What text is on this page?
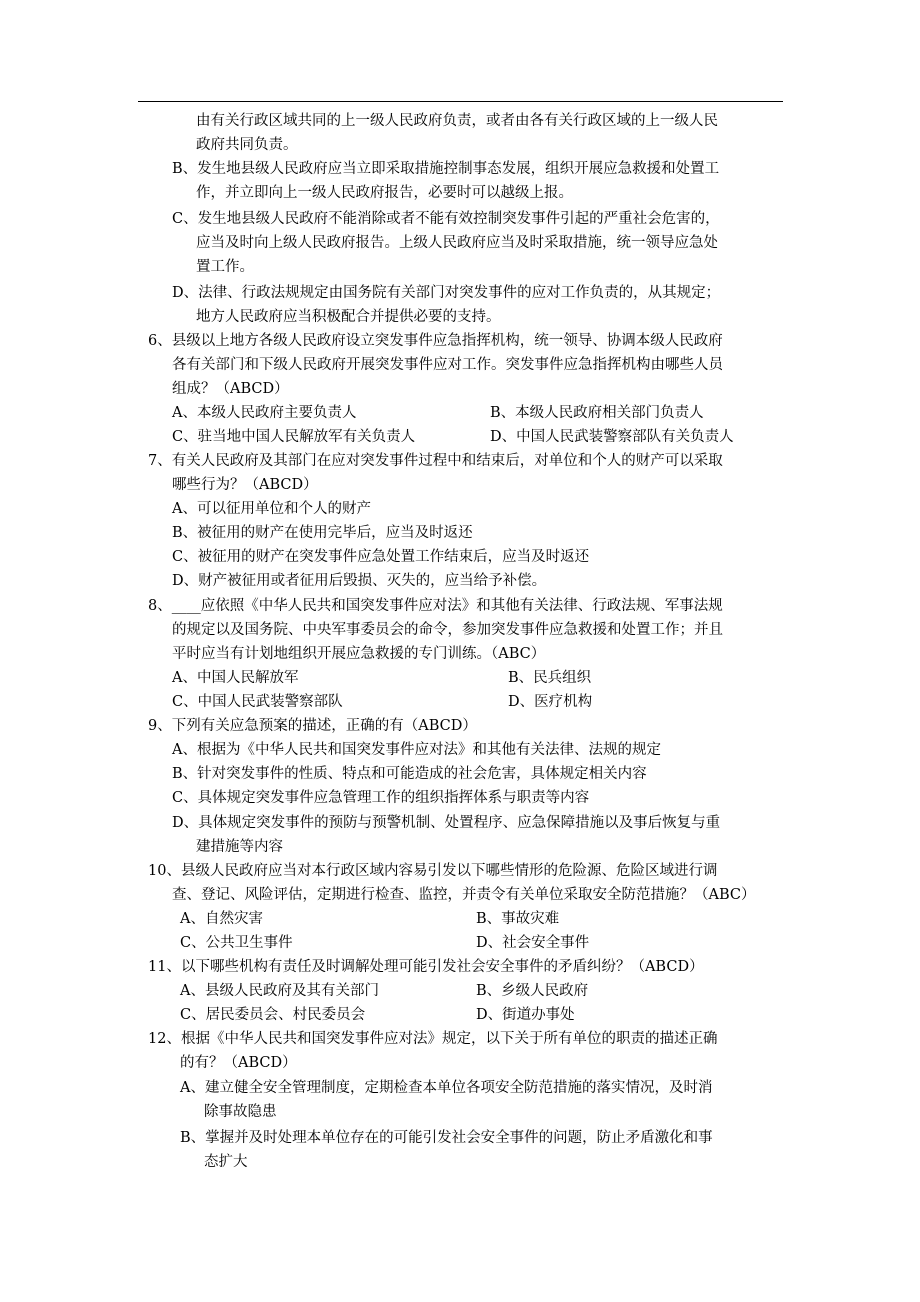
由有关行政区域共同的上一级人民政府负责，或者由各有关行政区域的上一级人民
政府共同负责。
B、发生地县级人民政府应当立即采取措施控制事态发展，组织开展应急救援和处置工
作，并立即向上一级人民政府报告，必要时可以越级上报。
C、发生地县级人民政府不能消除或者不能有效控制突发事件引起的严重社会危害的，
应当及时向上级人民政府报告。上级人民政府应当及时采取措施，统一领导应急处
置工作。
D、法律、行政法规规定由国务院有关部门对突发事件的应对工作负责的，从其规定；
地方人民政府应当积极配合并提供必要的支持。
6、县级以上地方各级人民政府设立突发事件应急指挥机构，统一领导、协调本级人民政府
各有关部门和下级人民政府开展突发事件应对工作。突发事件应急指挥机构由哪些人员
组成？（ABCD）
A、本级人民政府主要负责人	B、本级人民政府相关部门负责人
C、驻当地中国人民解放军有关负责人	D、中国人民武装警察部队有关负责人
7、有关人民政府及其部门在应对突发事件过程中和结束后，对单位和个人的财产可以采取
哪些行为？（ABCD）
A、可以征用单位和个人的财产
B、被征用的财产在使用完毕后，应当及时返还
C、被征用的财产在突发事件应急处置工作结束后，应当及时返还
D、财产被征用或者征用后毁损、灭失的，应当给予补偿。
8、____应依照《中华人民共和国突发事件应对法》和其他有关法律、行政法规、军事法规
的规定以及国务院、中央军事委员会的命令，参加突发事件应急救援和处置工作；并且
平时应当有计划地组织开展应急救援的专门训练。（ABC）
A、中国人民解放军	B、民兵组织
C、中国人民武装警察部队	D、医疗机构
9、下列有关应急预案的描述，正确的有（ABCD）
A、根据为《中华人民共和国突发事件应对法》和其他有关法律、法规的规定
B、针对突发事件的性质、特点和可能造成的社会危害，具体规定相关内容
C、具体规定突发事件应急管理工作的组织指挥体系与职责等内容
D、具体规定突发事件的预防与预警机制、处置程序、应急保障措施以及事后恢复与重
建措施等内容
10、县级人民政府应当对本行政区域内容易引发以下哪些情形的危险源、危险区域进行调
查、登记、风险评估，定期进行检查、监控，并责令有关单位采取安全防范措施？（ABC）
A、自然灾害	B、事故灾难
C、公共卫生事件	D、社会安全事件
11、以下哪些机构有责任及时调解处理可能引发社会安全事件的矛盾纠纷？（ABCD）
A、县级人民政府及其有关部门	B、乡级人民政府
C、居民委员会、村民委员会	D、街道办事处
12、根据《中华人民共和国突发事件应对法》规定，以下关于所有单位的职责的描述正确
的有？（ABCD）
A、建立健全安全管理制度，定期检查本单位各项安全防范措施的落实情况，及时消
除事故隐患
B、掌握并及时处理本单位存在的可能引发社会安全事件的问题，防止矛盾激化和事
态扩大
